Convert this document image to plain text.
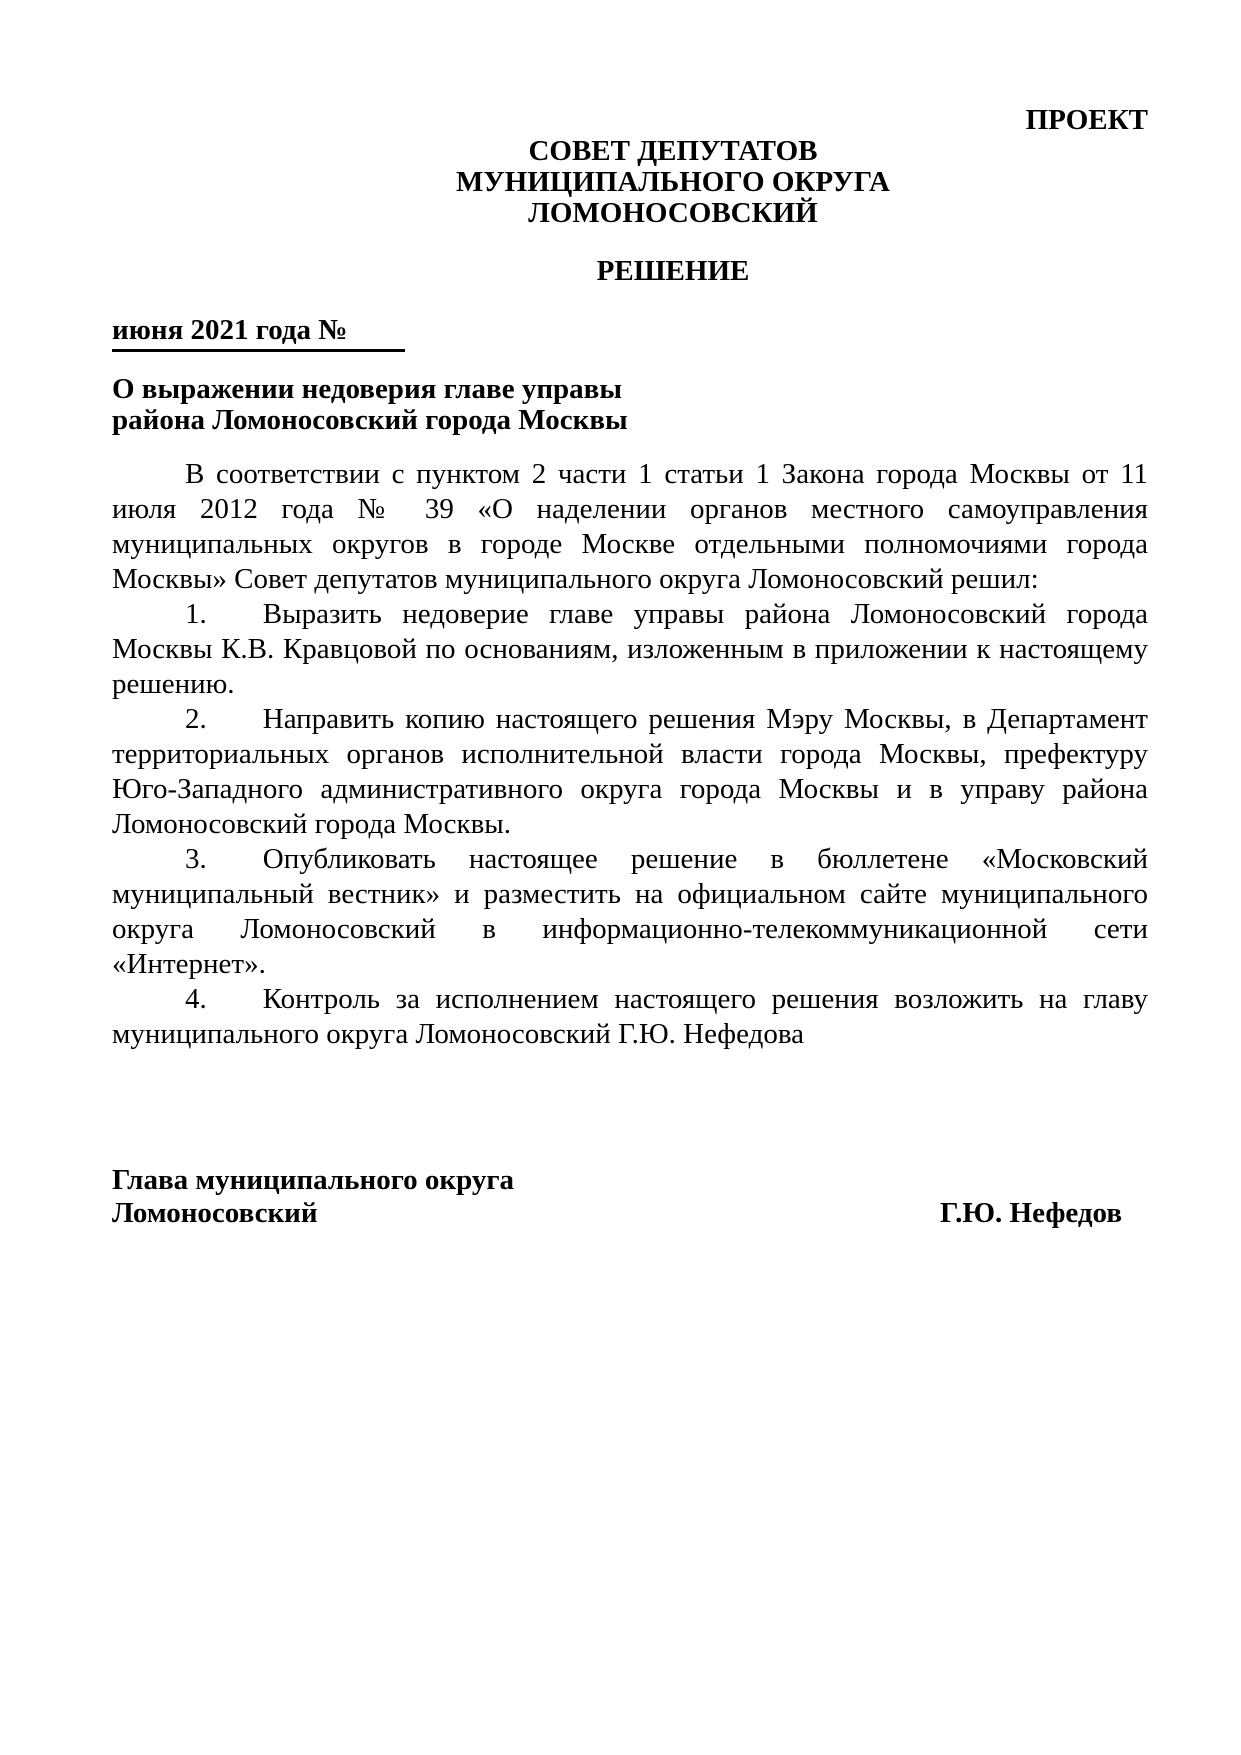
ПРОЕКТ
СОВЕТ ДЕПУТАТОВ
МУНИЦИПАЛЬНОГО ОКРУГА
ЛОМОНОСОВСКИЙ
РЕШЕНИЕ
июня 2021 года №
О выражении недоверия главе управы
района Ломоносовский города Москвы

В соответствии с пунктом 2 части 1 статьи 1 Закона города Москвы от 11 июля 2012 года № 39 «О наделении органов местного самоуправления муниципальных округов в городе Москве отдельными полномочиями города Москвы» Совет депутатов муниципального округа Ломоносовский решил:

1. Выразить недоверие главе управы района Ломоносовский города Москвы К.В. Кравцовой по основаниям, изложенным в приложении к настоящему решению.

2. Направить копию настоящего решения Мэру Москвы, в Департамент территориальных органов исполнительной власти города Москвы, префектуру Юго-Западного административного округа города Москвы и в управу района Ломоносовский города Москвы.

3. Опубликовать настоящее решение в бюллетене «Московский муниципальный вестник» и разместить на официальном сайте муниципального округа Ломоносовский в информационно-телекоммуникационной сети «Интернет».

4. Контроль за исполнением настоящего решения возложить на главу муниципального округа Ломоносовский Г.Ю. Нефедова

Глава муниципального округа
Ломоносовский	Г.Ю. Нефедов
